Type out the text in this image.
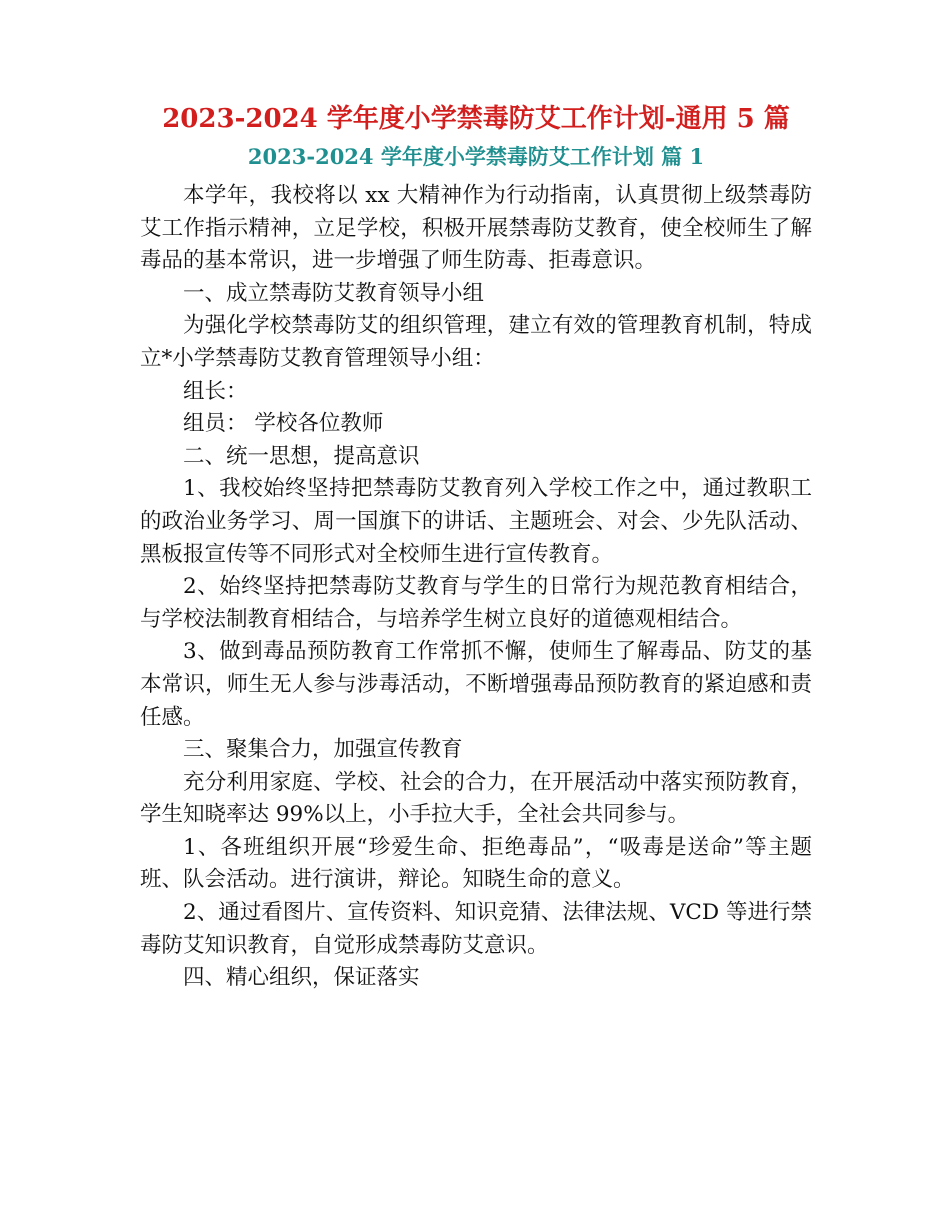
2023-2024 学年度小学禁毒防艾工作计划-通用 5 篇
2023-2024 学年度小学禁毒防艾工作计划 篇 1

本学年，我校将以 xx 大精神作为行动指南，认真贯彻上级禁毒防艾工作指示精神，立足学校，积极开展禁毒防艾教育，使全校师生了解毒品的基本常识，进一步增强了师生防毒、拒毒意识。

一、成立禁毒防艾教育领导小组

为强化学校禁毒防艾的组织管理，建立有效的管理教育机制，特成立*小学禁毒防艾教育管理领导小组：

组长：

组员： 学校各位教师

二、统一思想，提高意识

1、我校始终坚持把禁毒防艾教育列入学校工作之中，通过教职工的政治业务学习、周一国旗下的讲话、主题班会、对会、少先队活动、黑板报宣传等不同形式对全校师生进行宣传教育。

2、始终坚持把禁毒防艾教育与学生的日常行为规范教育相结合，与学校法制教育相结合，与培养学生树立良好的道德观相结合。

3、做到毒品预防教育工作常抓不懈，使师生了解毒品、防艾的基本常识，师生无人参与涉毒活动，不断增强毒品预防教育的紧迫感和责任感。

三、聚集合力，加强宣传教育

充分利用家庭、学校、社会的合力，在开展活动中落实预防教育，学生知晓率达 99%以上，小手拉大手，全社会共同参与。

1、各班组织开展“珍爱生命、拒绝毒品”，“吸毒是送命”等主题班、队会活动。进行演讲，辩论。知晓生命的意义。

2、通过看图片、宣传资料、知识竞猜、法律法规、VCD 等进行禁毒防艾知识教育，自觉形成禁毒防艾意识。

四、精心组织，保证落实
